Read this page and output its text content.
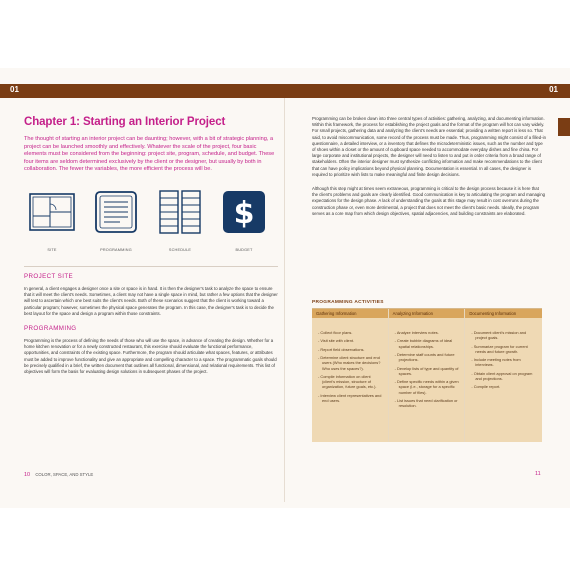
01	01
Chapter 1: Starting an Interior Project
The thought of starting an interior project can be daunting; however, with a bit of strategic planning, a project can be launched smoothly and effectively. Whatever the scale of the project, four basic elements must be considered from the beginning: project site, program, schedule, and budget. These four items are seldom determined exclusively by the client or the designer, but usually by both in collaboration. The fewer the variables, the more efficient the process will be.
SITE	PROGRAMMING	SCHEDULE
$
BUDGET
PROJECT SITE
In general, a client engages a designer once a site or space is in hand. It is then the designer's task to analyze the space to ensure that it will meet the client's needs. Sometimes, a client may not have a single space in mind, but rather a few options that the designer will test to ascertain which one best suits the client's needs. Both of these scenarios suggest that the client is working toward a particular program; however, sometimes the physical space generates the program. In this case, the designer's task is to decide the best layout for the space and design a program within those constraints.
PROGRAMMING
Programming is the process of defining the needs of those who will use the space, in advance of creating the design. Whether for a home kitchen renovation or for a newly constructed restaurant, this exercise should evaluate the functional performance, opportunities, and constraints of the existing space. Furthermore, the program should articulate what spaces, features, or attributes must be added to improve functionality and give an appropriate and compelling character to a space. The programmatic goals should be precisely qualified in a brief, the written document that outlines all functional, dimensional, and relational requirements. This list of objectives will form the basis for evaluating design solutions in subsequent phases of the project.
Programming can be broken down into three central types of activities: gathering, analyzing, and documenting information. Within this framework, the process for establishing the project goals and the format of the program will hot can vary widely. For small projects, gathering data and analyzing the client's needs are essential; providing a written report is less so. That said, to avoid miscommunication, some record of the process must be made. Thus, programming might consist of a filled-in questionnaire, a detailed interview, or a inventory that defines the microdeterministic issues, such as the number and type of shoes within a closet or the amount of cupboard space needed to accommodate everyday dishes and fine china. For large corporate and institutional projects, the designer will need to listen to and put in order criteria from a broad range of stakeholders. Often the interior designer must synthesize conflicting information and make recommendations to the client that can have policy implications beyond physical planning. Documentation is essential. In all cases, the designer is required to prioritize wish lists to make meaningful and finite design decisions.
Although this step might at times seem extraneous, programming is critical to the design process because it is here that the client's problems and goals are clearly identified. Good communication is key to articulating the program and managing expectations for the design phase. A lack of understanding the goals at this stage may result in cost overruns during the construction phase or, even more detrimental, a project that does not meet the client's basic needs. Ideally, the program serves as a core map from which design objectives, spatial adjacencies, and building constraints are elaborated.
PROGRAMMING ACTIVITIES
Gathering Information
- Collect floor plans.
- Visit site with client.
- Report field observations.
- Determine client structure and end users (Who makes the decisions? Who uses the spaces?).
- Compile information on client (client's mission, structure of organization, future goals, etc.).
- Interview client representatives and end users.
Analyzing Information
- Analyze interview notes.
- Create bubble diagrams of ideal spatial relationships.
- Determine staff counts and future projections.
- Develop lists of type and quantity of spaces.
- Define specific needs within a given space (i.e., storage for a specific number of files).
- List issues that need clarification or resolution.
Documenting Information
- Document client's mission and project goals.
- Summarize program for current needs and future growth.
- Include meeting notes from interviews.
- Obtain client approval on program and projections.
- Compile report.
10 COLOR, SPACE, AND STYLE	11
